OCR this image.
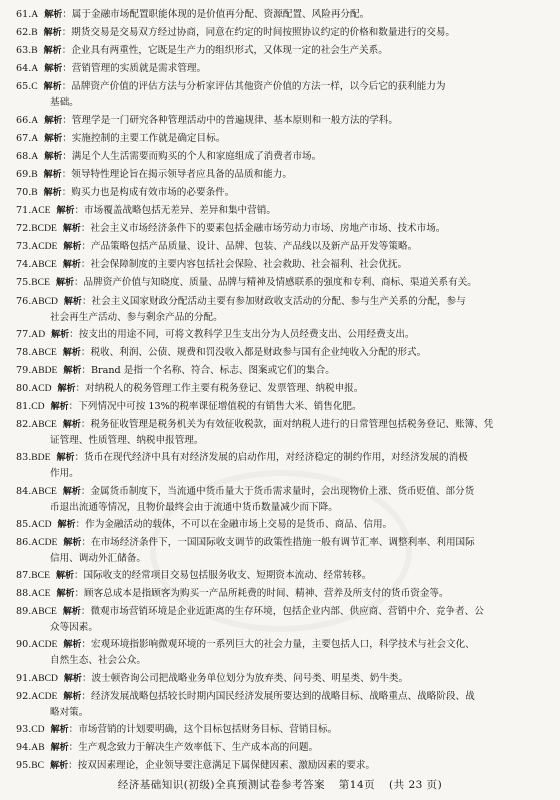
61.A 解析：属于金融市场配置职能体现的是价值再分配、资源配置、风险再分配。
62.B 解析：期货交易是交易双方经过协商，同意在约定的时间按照协议约定的价格和数量进行的交易。
63.B 解析：企业具有两重性，它既是生产力的组织形式，又体现一定的社会生产关系。
64.A 解析：营销管理的实质就是需求管理。
65.C 解析：品牌资产价值的评估方法与分析家评估其他资产价值的方法一样，以今后它的获利能力为
基础。
66.A 解析：管理学是一门研究各种管理活动中的普遍规律、基本原则和一般方法的学科。
67.A 解析：实施控制的主要工作就是确定目标。
68.A 解析：满足个人生活需要而购买的个人和家庭组成了消费者市场。
69.B 解析：领导特性理论旨在揭示领导者应具备的品质和能力。
70.B 解析：购买力也是构成有效市场的必要条件。
71.ACE 解析：市场覆盖战略包括无差异、差异和集中营销。
72.BCDE 解析：社会主义市场经济条件下的要素包括金融市场劳动力市场、房地产市场、技术市场。
73.ACDE 解析：产品策略包括产品质量、设计、品牌、包装、产品线以及新产品开发等策略。
74.ABCE 解析：社会保障制度的主要内容包括社会保险、社会救助、社会福利、社会优抚。
75.BCE 解析：品牌资产价值与知晓度、质量、品牌与精神及情感联系的强度和专利、商标、渠道关系有关。
76.ABCD 解析：社会主义国家财政分配活动主要有参加财政收支活动的分配、参与生产关系的分配，参与
社会再生产活动、参与剩余产品的分配。
77.AD 解析：按支出的用途不同，可将文教科学卫生支出分为人员经费支出、公用经费支出。
78.ABCE 解析：税收、利润、公债、规费和罚没收入都是财政参与国有企业纯收入分配的形式。
79.ABDE 解析：Brand 是指一个名称、符合、标志、图案或它们的集合。
80.ACD 解析：对纳税人的税务管理工作主要有税务登记、发票管理、纳税申报。
81.CD 解析：下列情况中可按 13%的税率课征增值税的有销售大米、销售化肥。
82.ABCE 解析：税务征收管理是税务机关为有效征收税款，面对纳税人进行的日常管理包括税务登记、账簿、凭
证管理、性质管理、纳税申报管理。
83.BDE 解析：货币在现代经济中具有对经济发展的启动作用，对经济稳定的制约作用，对经济发展的消极
作用。
84.ABCE 解析：金属货币制度下，当流通中货币量大于货币需求量时，会出现物价上涨、货币贬值、部分货
币退出流通等情况，且物价最终会由于流通中货币数量减少而下降。
85.ACD 解析：作为金融活动的载体，不可以在金融市场上交易的是货币、商品、信用。
86.ACDE 解析：在市场经济条件下，一国国际收支调节的政策性措施一般有调节汇率、调整利率、利用国际
信用、调动外汇储备。
87.BCE 解析：国际收支的经常项目交易包括服务收支、短期资本流动、经常转移。
88.ACE 解析：顾客总成本是指顾客为购买一产品所耗费的时间、精神、营养及所支付的货币资金等。
89.ABCE 解析：微观市场营销环境是企业近距离的生存环境，包括企业内部、供应商、营销中介、竞争者、公
众等因素。
90.ACDE 解析：宏观环境指影响微观环境的一系列巨大的社会力量，主要包括人口，科学技术与社会文化、
自然生态、社会公众。
91.ABCD 解析：波士顿咨询公司把战略业务单位划分为放弃类、问号类、明星类、奶牛类。
92.ACDE 解析：经济发展战略包括较长时期内国民经济发展所要达到的战略目标、战略重点、战略阶段、战
略对策。
93.CD 解析：市场营销的计划要明确，这个目标包括财务目标、营销目标。
94.AB 解析：生产观念致力于解决生产效率低下、生产成本高的问题。
95.BC 解析：按双因素理论，企业领导要注意满足下属保健因素、激励因素的要求。
经济基础知识(初级)全真预测试卷参考答案 第14页 (共 23 页)
